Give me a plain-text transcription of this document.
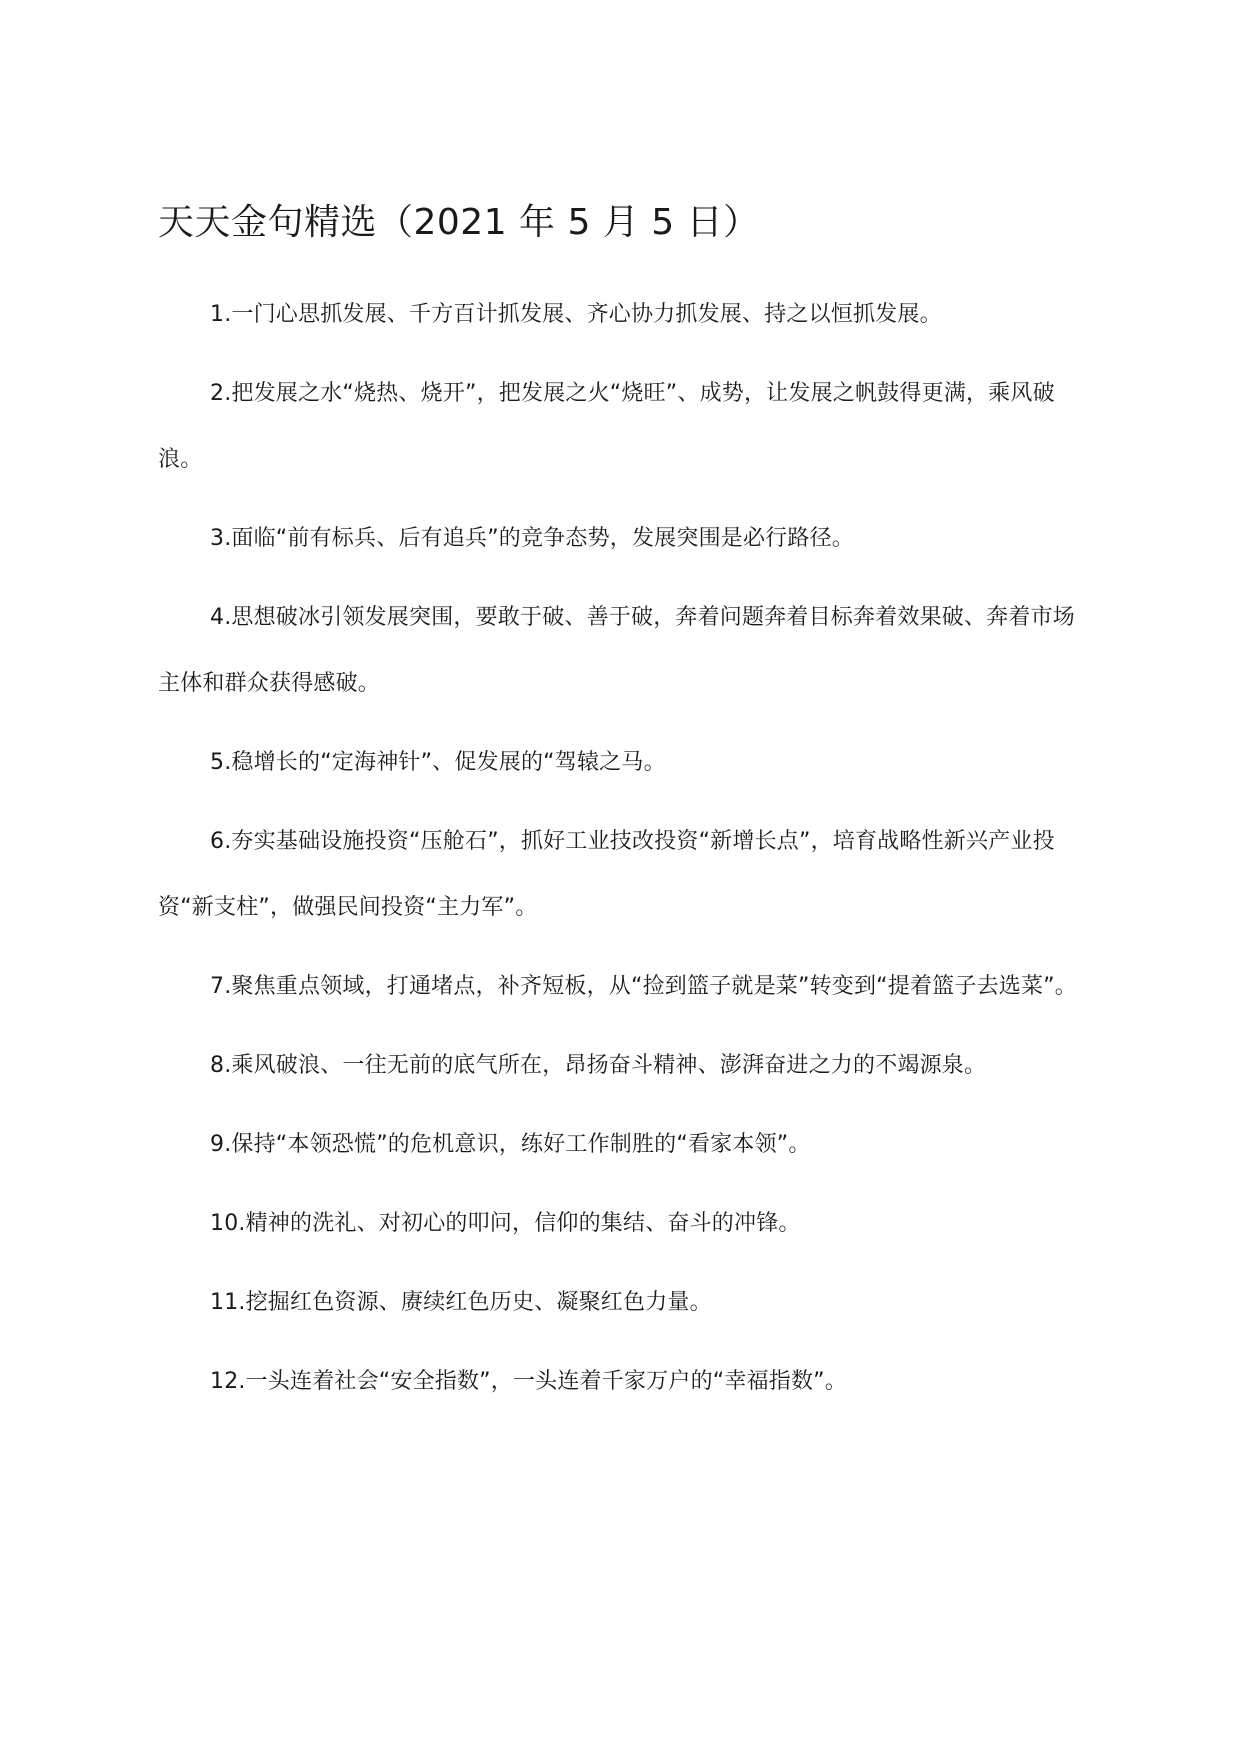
天天金句精选（2021 年 5 月 5 日）

1.一门心思抓发展、千方百计抓发展、齐心协力抓发展、持之以恒抓发展。

2.把发展之水“烧热、烧开”，把发展之火“烧旺”、成势，让发展之帆鼓得更满，乘风破浪。

3.面临“前有标兵、后有追兵”的竞争态势，发展突围是必行路径。

4.思想破冰引领发展突围，要敢于破、善于破，奔着问题奔着目标奔着效果破、奔着市场主体和群众获得感破。

5.稳增长的“定海神针”、促发展的“驾辕之马。

6.夯实基础设施投资“压舱石”，抓好工业技改投资“新增长点”，培育战略性新兴产业投资“新支柱”，做强民间投资“主力军”。

7.聚焦重点领域，打通堵点，补齐短板，从“捡到篮子就是菜”转变到“提着篮子去选菜”。

8.乘风破浪、一往无前的底气所在，昂扬奋斗精神、澎湃奋进之力的不竭源泉。

9.保持“本领恐慌”的危机意识，练好工作制胜的“看家本领”。

10.精神的洗礼、对初心的叩问，信仰的集结、奋斗的冲锋。

11.挖掘红色资源、赓续红色历史、凝聚红色力量。

12.一头连着社会“安全指数”，一头连着千家万户的“幸福指数”。
